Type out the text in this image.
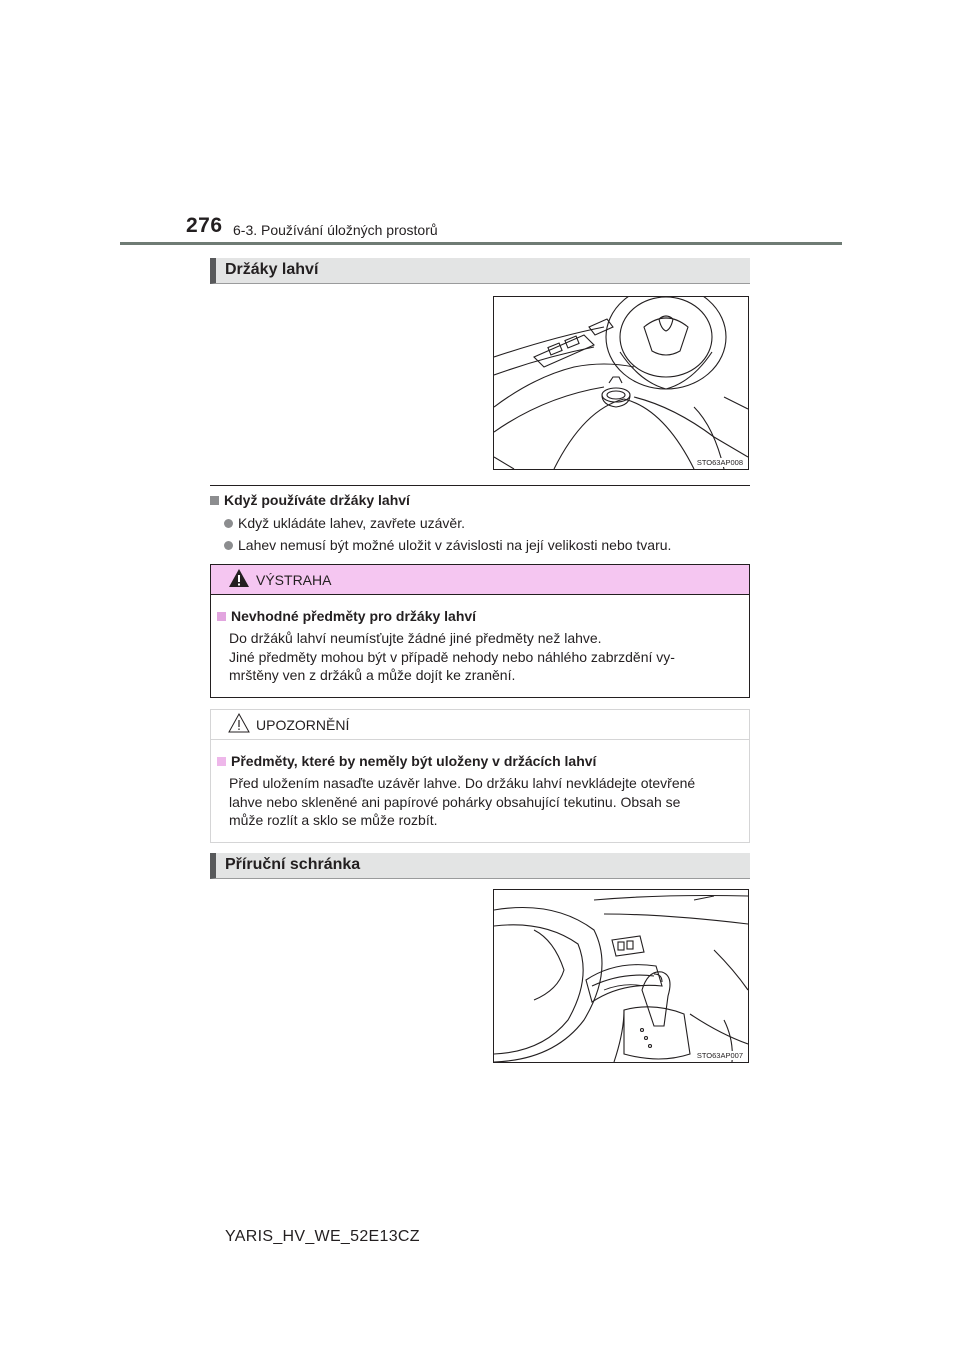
276 6-3. Používání úložných prostorů
Držáky lahví
STO63AP008
Když používáte držáky lahví
Když ukládáte lahev, zavřete uzávěr.
Lahev nemusí být možné uložit v závislosti na její velikosti nebo tvaru.
VÝSTRAHA
Nevhodné předměty pro držáky lahví
Do držáků lahví neumísťujte žádné jiné předměty než lahve.
Jiné předměty mohou být v případě nehody nebo náhlého zabrzdění vy-
mrštěny ven z držáků a může dojít ke zranění.
UPOZORNĚNÍ
Předměty, které by neměly být uloženy v držácích lahví
Před uložením nasaďte uzávěr lahve. Do držáku lahví nevkládejte otevřené
lahve nebo skleněné ani papírové pohárky obsahující tekutinu. Obsah se
může rozlít a sklo se může rozbít.
Příruční schránka
STO63AP007
YARIS_HV_WE_52E13CZ
